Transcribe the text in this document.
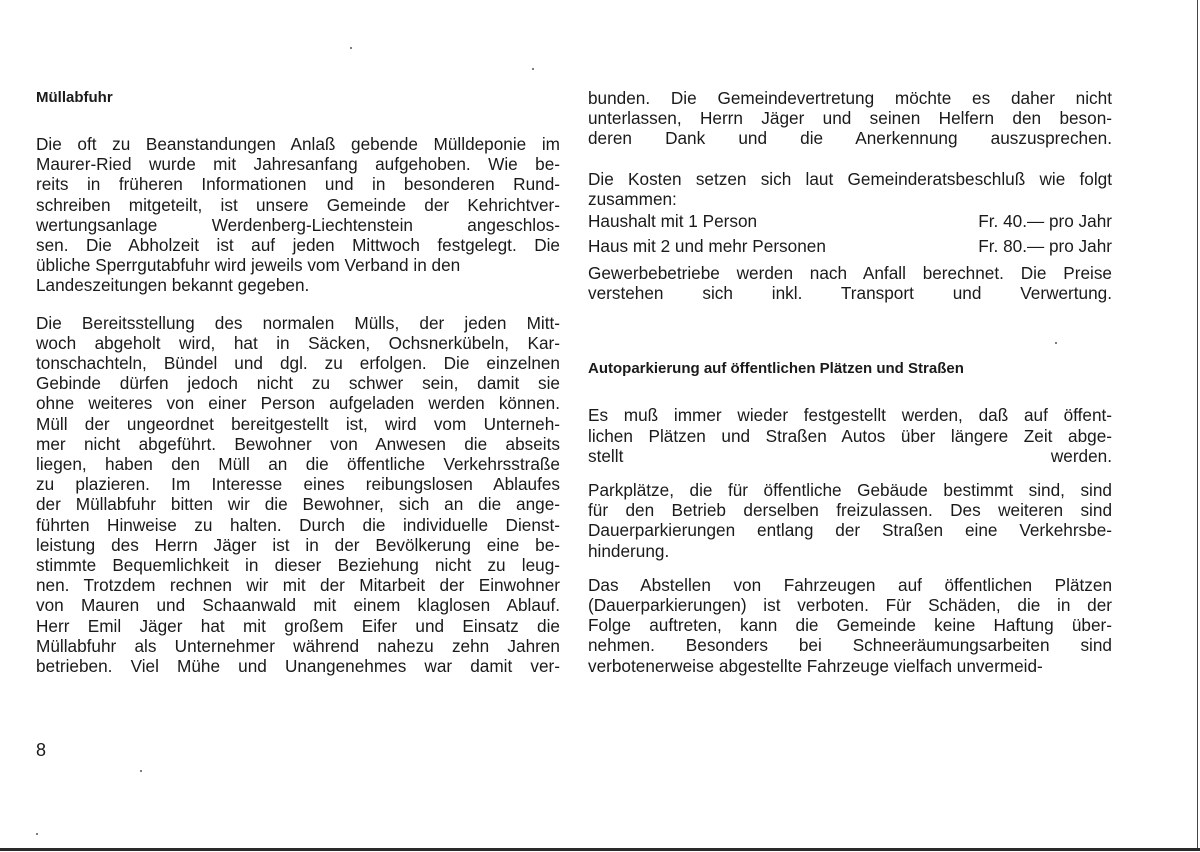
Müllabfuhr

Die oft zu Beanstandungen Anlaß gebende Mülldeponie im
Maurer-Ried wurde mit Jahresanfang aufgehoben. Wie be-
reits in früheren Informationen und in besonderen Rund-
schreiben mitgeteilt, ist unsere Gemeinde der Kehrichtver-
wertungsanlage Werdenberg-Liechtenstein angeschlos-
sen. Die Abholzeit ist auf jeden Mittwoch festgelegt. Die
übliche Sperrgutabfuhr wird jeweils vom Verband in den
Landeszeitungen bekannt gegeben.

Die Bereitsstellung des normalen Mülls, der jeden Mitt-
woch abgeholt wird, hat in Säcken, Ochsnerkübeln, Kar-
tonschachteln, Bündel und dgl. zu erfolgen. Die einzelnen
Gebinde dürfen jedoch nicht zu schwer sein, damit sie
ohne weiteres von einer Person aufgeladen werden können.
Müll der ungeordnet bereitgestellt ist, wird vom Unterneh-
mer nicht abgeführt. Bewohner von Anwesen die abseits
liegen, haben den Müll an die öffentliche Verkehrsstraße
zu plazieren. Im Interesse eines reibungslosen Ablaufes
der Müllabfuhr bitten wir die Bewohner, sich an die ange-
führten Hinweise zu halten. Durch die individuelle Dienst-
leistung des Herrn Jäger ist in der Bevölkerung eine be-
stimmte Bequemlichkeit in dieser Beziehung nicht zu leug-
nen. Trotzdem rechnen wir mit der Mitarbeit der Einwohner
von Mauren und Schaanwald mit einem klaglosen Ablauf.
Herr Emil Jäger hat mit großem Eifer und Einsatz die
Müllabfuhr als Unternehmer während nahezu zehn Jahren
betrieben. Viel Mühe und Unangenehmes war damit ver-

bunden. Die Gemeindevertretung möchte es daher nicht
unterlassen, Herrn Jäger und seinen Helfern den beson-
deren Dank und die Anerkennung auszusprechen.

Die Kosten setzen sich laut Gemeinderatsbeschluß wie folgt
zusammen:

Haushalt mit 1 Person	Fr. 40.— pro Jahr
Haus mit 2 und mehr Personen	Fr. 80.— pro Jahr

Gewerbebetriebe werden nach Anfall berechnet. Die Preise
verstehen sich inkl. Transport und Verwertung.

Autoparkierung auf öffentlichen Plätzen und Straßen

Es muß immer wieder festgestellt werden, daß auf öffent-
lichen Plätzen und Straßen Autos über längere Zeit abge-
stellt werden.

Parkplätze, die für öffentliche Gebäude bestimmt sind, sind
für den Betrieb derselben freizulassen. Des weiteren sind
Dauerparkierungen entlang der Straßen eine Verkehrsbe-
hinderung.

Das Abstellen von Fahrzeugen auf öffentlichen Plätzen
(Dauerparkierungen) ist verboten. Für Schäden, die in der
Folge auftreten, kann die Gemeinde keine Haftung über-
nehmen. Besonders bei Schneeräumungsarbeiten sind
verbotenerweise abgestellte Fahrzeuge vielfach unvermeid-

8
